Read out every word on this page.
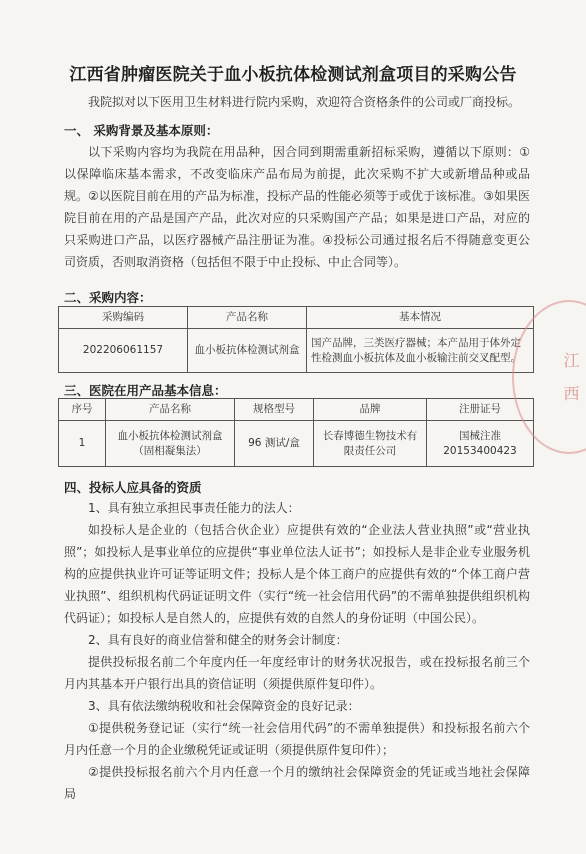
江西省肿瘤医院关于血小板抗体检测试剂盒项目的采购公告
我院拟对以下医用卫生材料进行院内采购，欢迎符合资格条件的公司或厂商投标。
一、 采购背景及基本原则：
以下采购内容均为我院在用品种，因合同到期需重新招标采购，遵循以下原则：①以保障临床基本需求，不改变临床产品布局为前提，此次采购不扩大或新增品种或品规。②以医院目前在用的产品为标准，投标产品的性能必须等于或优于该标准。③如果医院目前在用的产品是国产产品，此次对应的只采购国产产品；如果是进口产品，对应的只采购进口产品，以医疗器械产品注册证为准。④投标公司通过报名后不得随意变更公司资质，否则取消资格（包括但不限于中止投标、中止合同等）。
二、采购内容：
采购编码	产品名称	基本情况
202206061157	血小板抗体检测试剂盒	国产品牌，三类医疗器械；本产品用于体外定性检测血小板抗体及血小板输注前交叉配型。
三、医院在用产品基本信息：
序号	产品名称	规格型号	品牌	注册证号
1	血小板抗体检测试剂盒（固相凝集法）	96 测试/盒	长春博德生物技术有限责任公司	国械注准 20153400423
四、投标人应具备的资质
1、具有独立承担民事责任能力的法人：
如投标人是企业的（包括合伙企业）应提供有效的“企业法人营业执照”或“营业执照”；如投标人是事业单位的应提供“事业单位法人证书”；如投标人是非企业专业服务机构的应提供执业许可证等证明文件；投标人是个体工商户的应提供有效的“个体工商户营业执照”、组织机构代码证证明文件（实行“统一社会信用代码”的不需单独提供组织机构代码证）；如投标人是自然人的，应提供有效的自然人的身份证明（中国公民）。
2、具有良好的商业信誉和健全的财务会计制度：
提供投标报名前二个年度内任一年度经审计的财务状况报告，或在投标报名前三个月内其基本开户银行出具的资信证明（须提供原件复印件）。
3、具有依法缴纳税收和社会保障资金的良好记录：
①提供税务登记证（实行“统一社会信用代码”的不需单独提供）和投标报名前六个月内任意一个月的企业缴税凭证或证明（须提供原件复印件）；
②提供投标报名前六个月内任意一个月的缴纳社会保障资金的凭证或当地社会保障局
江 西
